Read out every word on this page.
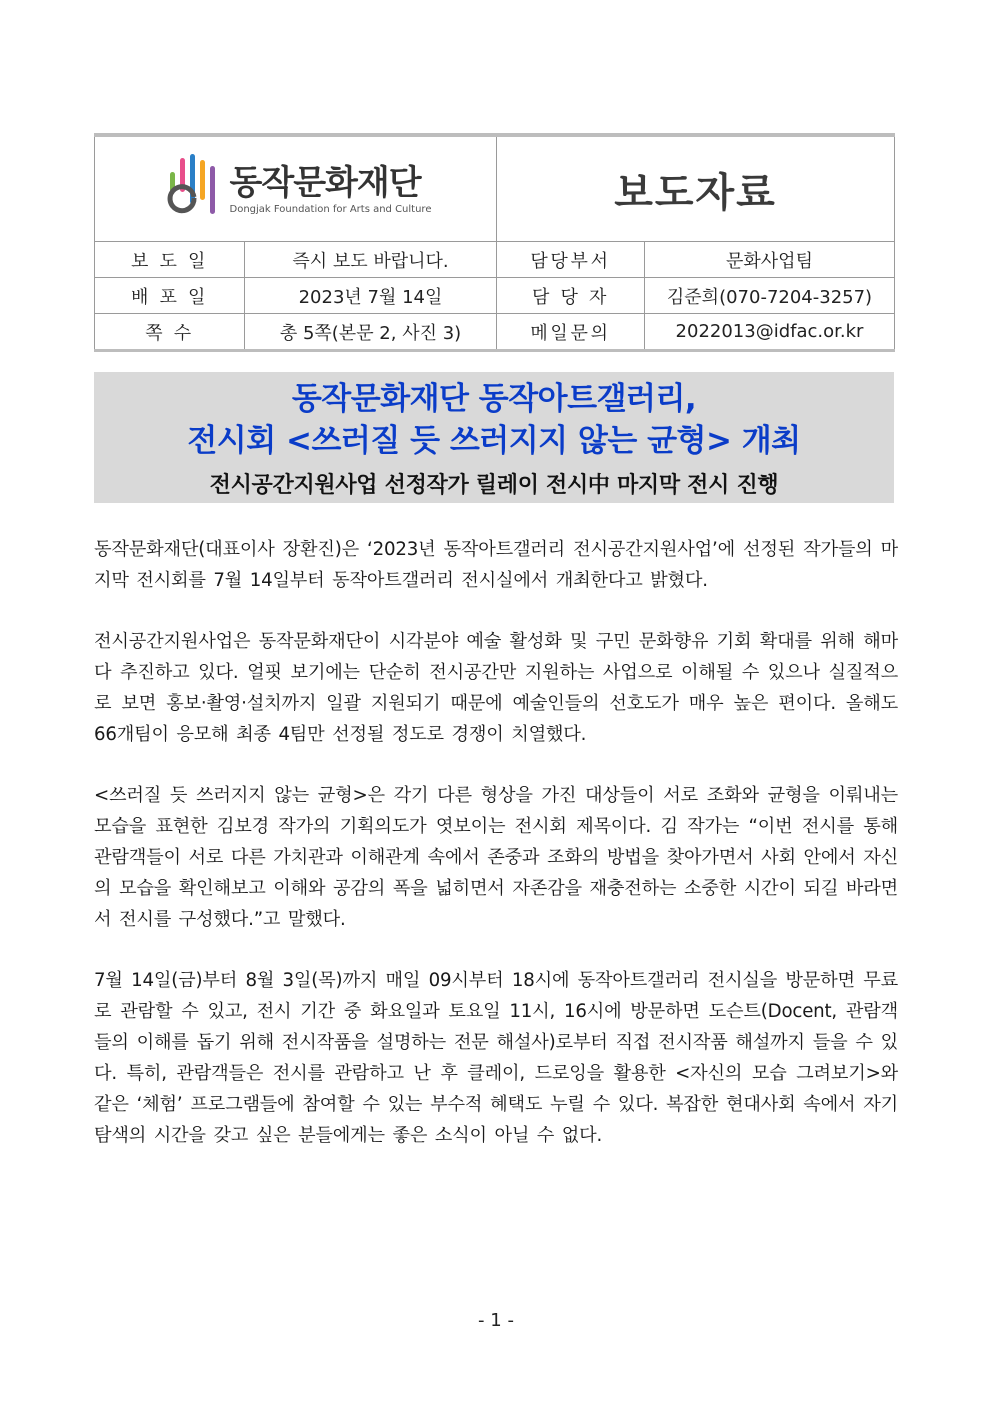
동작문화재단
Dongjak Foundation for Arts and Culture		보도자료	
보 도 일	즉시 보도 바랍니다.	담당부서	문화사업팀
배 포 일	2023년 7월 14일	담 당 자	김준희(070-7204-3257)
쪽 수	총 5쪽(본문 2, 사진 3)	메일문의	2022013@idfac.or.kr
동작문화재단 동작아트갤러리,
전시회 <쓰러질 듯 쓰러지지 않는 균형> 개최
전시공간지원사업 선정작가 릴레이 전시中 마지막 전시 진행

동작문화재단(대표이사 장환진)은 ‘2023년 동작아트갤러리 전시공간지원사업’에 선정된 작가들의 마지막 전시회를 7월 14일부터 동작아트갤러리 전시실에서 개최한다고 밝혔다.

전시공간지원사업은 동작문화재단이 시각분야 예술 활성화 및 구민 문화향유 기회 확대를 위해 해마다 추진하고 있다. 얼핏 보기에는 단순히 전시공간만 지원하는 사업으로 이해될 수 있으나 실질적으로 보면 홍보·촬영·설치까지 일괄 지원되기 때문에 예술인들의 선호도가 매우 높은 편이다. 올해도 66개팀이 응모해 최종 4팀만 선정될 정도로 경쟁이 치열했다.

<쓰러질 듯 쓰러지지 않는 균형>은 각기 다른 형상을 가진 대상들이 서로 조화와 균형을 이뤄내는 모습을 표현한 김보경 작가의 기획의도가 엿보이는 전시회 제목이다. 김 작가는 “이번 전시를 통해 관람객들이 서로 다른 가치관과 이해관계 속에서 존중과 조화의 방법을 찾아가면서 사회 안에서 자신의 모습을 확인해보고 이해와 공감의 폭을 넓히면서 자존감을 재충전하는 소중한 시간이 되길 바라면서 전시를 구성했다.”고 말했다.

7월 14일(금)부터 8월 3일(목)까지 매일 09시부터 18시에 동작아트갤러리 전시실을 방문하면 무료로 관람할 수 있고, 전시 기간 중 화요일과 토요일 11시, 16시에 방문하면 도슨트(Docent, 관람객들의 이해를 돕기 위해 전시작품을 설명하는 전문 해설사)로부터 직접 전시작품 해설까지 들을 수 있다. 특히, 관람객들은 전시를 관람하고 난 후 클레이, 드로잉을 활용한 <자신의 모습 그려보기>와 같은 ‘체험’ 프로그램들에 참여할 수 있는 부수적 혜택도 누릴 수 있다. 복잡한 현대사회 속에서 자기 탐색의 시간을 갖고 싶은 분들에게는 좋은 소식이 아닐 수 없다.

- 1 -
